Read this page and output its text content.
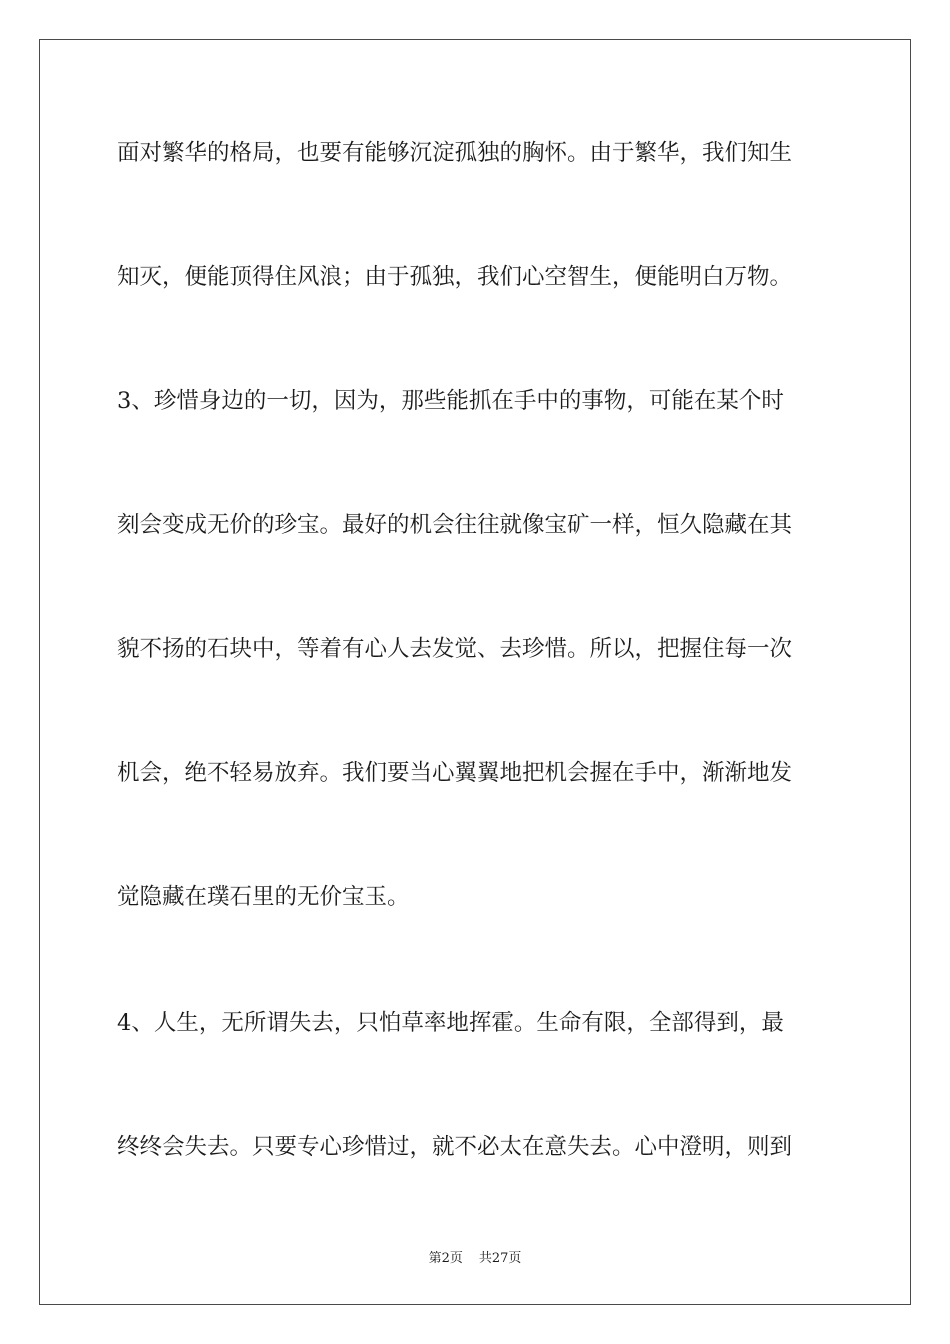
面对繁华的格局，也要有能够沉淀孤独的胸怀。由于繁华，我们知生
知灭，便能顶得住风浪；由于孤独，我们心空智生，便能明白万物。
3、珍惜身边的一切，因为，那些能抓在手中的事物，可能在某个时
刻会变成无价的珍宝。最好的机会往往就像宝矿一样，恒久隐藏在其
貌不扬的石块中，等着有心人去发觉、去珍惜。所以，把握住每一次
机会，绝不轻易放弃。我们要当心翼翼地把机会握在手中，渐渐地发
觉隐藏在璞石里的无价宝玉。
4、人生，无所谓失去，只怕草率地挥霍。生命有限，全部得到，最
终终会失去。只要专心珍惜过，就不必太在意失去。心中澄明，则到
第2页 共27页
